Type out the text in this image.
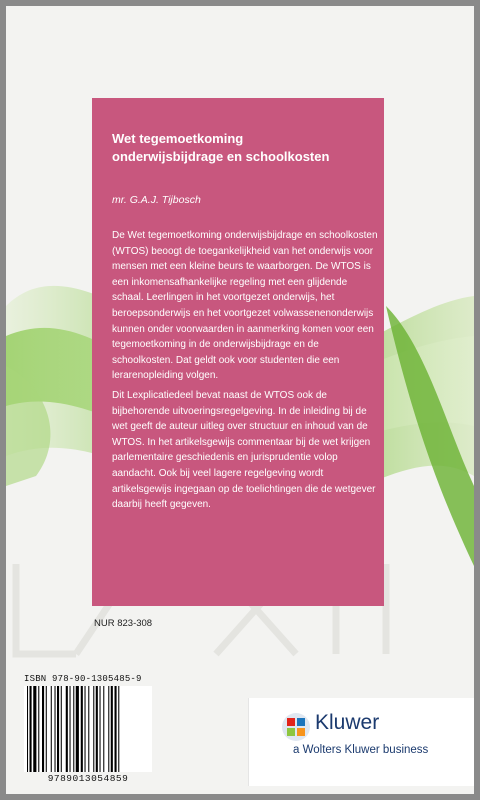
Wet tegemoetkoming
onderwijsbijdrage en schoolkosten
mr. G.A.J. Tijbosch
De Wet tegemoetkoming onderwijsbijdrage en schoolkosten (WTOS) beoogt de toegankelijkheid van het onderwijs voor mensen met een kleine beurs te waarborgen. De WTOS is een inkomensafhankelijke regeling met een glijdende schaal. Leerlingen in het voortgezet onderwijs, het beroepsonderwijs en het voortgezet volwassenenonderwijs kunnen onder voorwaarden in aanmerking komen voor een tegemoetkoming in de onderwijsbijdrage en de schoolkosten. Dat geldt ook voor studenten die een lerarenopleiding volgen.
Dit Lexplicatiedeel bevat naast de WTOS ook de bijbehorende uitvoeringsregelgeving. In de inleiding bij de wet geeft de auteur uitleg over structuur en inhoud van de WTOS. In het artikelsgewijs commentaar bij de wet krijgen parlementaire geschiedenis en jurisprudentie volop aandacht. Ook bij veel lagere regelgeving wordt artikelsgewijs ingegaan op de toelichtingen die de wetgever daarbij heeft gegeven.
NUR 823-308
ISBN 978-90-1305485-9
9789013054859
Kluwer
a Wolters Kluwer business
